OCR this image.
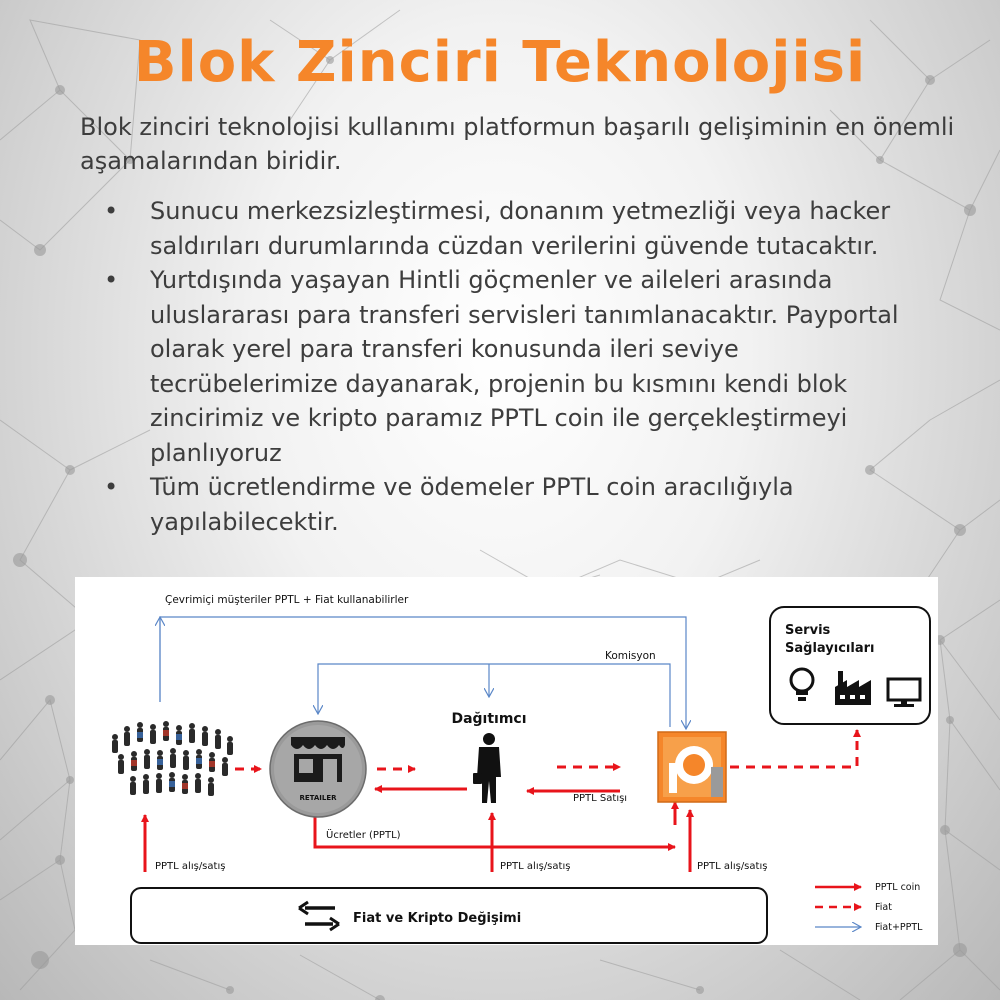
Blok Zinciri Teknolojisi
Blok zinciri teknolojisi kullanımı platformun başarılı gelişiminin en önemli aşamalarından biridir.
• Sunucu merkezsizleştirmesi, donanım yetmezliği veya hacker saldırıları durumlarında cüzdan verilerini güvende tutacaktır.
• Yurtdışında yaşayan Hintli göçmenler ve aileleri arasında uluslararası para transferi servisleri tanımlanacaktır. Payportal olarak yerel para transferi konusunda ileri seviye tecrübelerimize dayanarak, projenin bu kısmını kendi blok zincirimiz ve kripto paramız PPTL coin ile gerçekleştirmeyi planlıyoruz
• Tüm ücretlendirme ve ödemeler PPTL coin aracılığıyla yapılabilecektir.
RETAILER
Dağıtımcı
Servis
Sağlayıcıları
Çevrimiçi müşteriler PPTL + Fiat kullanabilirler
Komisyon
Ücretler (PPTL)
PPTL Satışı
PPTL alış/satış	PPTL alış/satış	PPTL alış/satış
Fiat ve Kripto Değişimi
PPTL coin
Fiat
Fiat+PPTL
